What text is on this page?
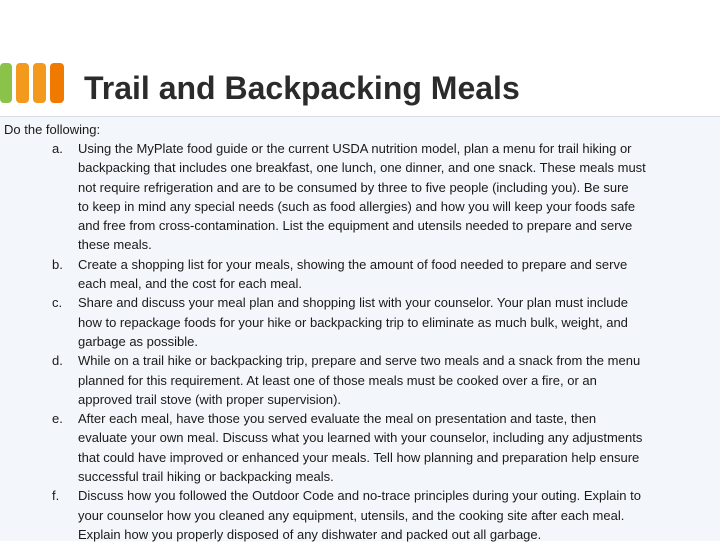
Trail and Backpacking Meals
Do the following:
a. Using the MyPlate food guide or the current USDA nutrition model, plan a menu for trail hiking or
backpacking that includes one breakfast, one lunch, one dinner, and one snack. These meals must
not require refrigeration and are to be consumed by three to five people (including you). Be sure
to keep in mind any special needs (such as food allergies) and how you will keep your foods safe
and free from cross-contamination. List the equipment and utensils needed to prepare and serve
these meals.
b. Create a shopping list for your meals, showing the amount of food needed to prepare and serve
each meal, and the cost for each meal.
c. Share and discuss your meal plan and shopping list with your counselor. Your plan must include
how to repackage foods for your hike or backpacking trip to eliminate as much bulk, weight, and
garbage as possible.
d. While on a trail hike or backpacking trip, prepare and serve two meals and a snack from the menu
planned for this requirement. At least one of those meals must be cooked over a fire, or an
approved trail stove (with proper supervision).
e. After each meal, have those you served evaluate the meal on presentation and taste, then
evaluate your own meal. Discuss what you learned with your counselor, including any adjustments
that could have improved or enhanced your meals. Tell how planning and preparation help ensure
successful trail hiking or backpacking meals.
f. Discuss how you followed the Outdoor Code and no-trace principles during your outing. Explain to
your counselor how you cleaned any equipment, utensils, and the cooking site after each meal.
Explain how you properly disposed of any dishwater and packed out all garbage.
